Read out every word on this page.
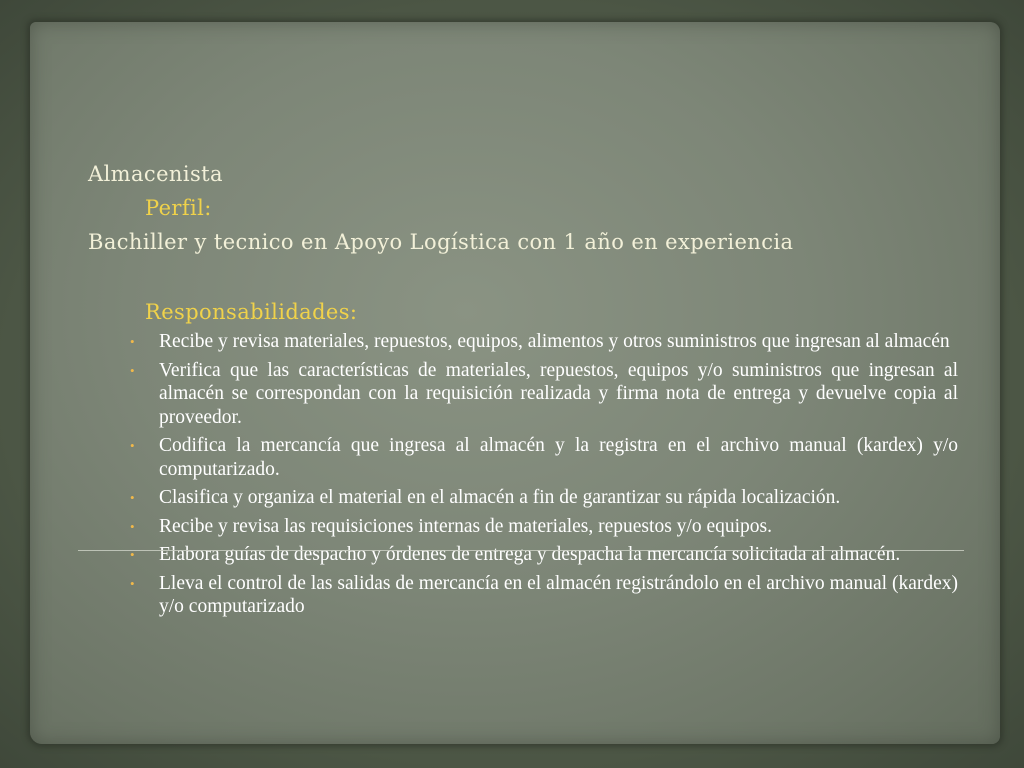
Almacenista
Perfil:
Bachiller y tecnico en Apoyo Logística con 1 año en experiencia
Responsabilidades:
• Recibe y revisa materiales, repuestos, equipos, alimentos y otros suministros que ingresan al almacén
• Verifica que las características de materiales, repuestos, equipos y/o suministros que ingresan al almacén se correspondan con la requisición realizada y firma nota de entrega y devuelve copia al proveedor.
• Codifica la mercancía que ingresa al almacén y la registra en el archivo manual (kardex) y/o computarizado.
• Clasifica y organiza el material en el almacén a fin de garantizar su rápida localización.
• Recibe y revisa las requisiciones internas de materiales, repuestos y/o equipos.
• Elabora guías de despacho y órdenes de entrega y despacha la mercancía solicitada al almacén.
• Lleva el control de las salidas de mercancía en el almacén registrándolo en el archivo manual (kardex) y/o computarizado
